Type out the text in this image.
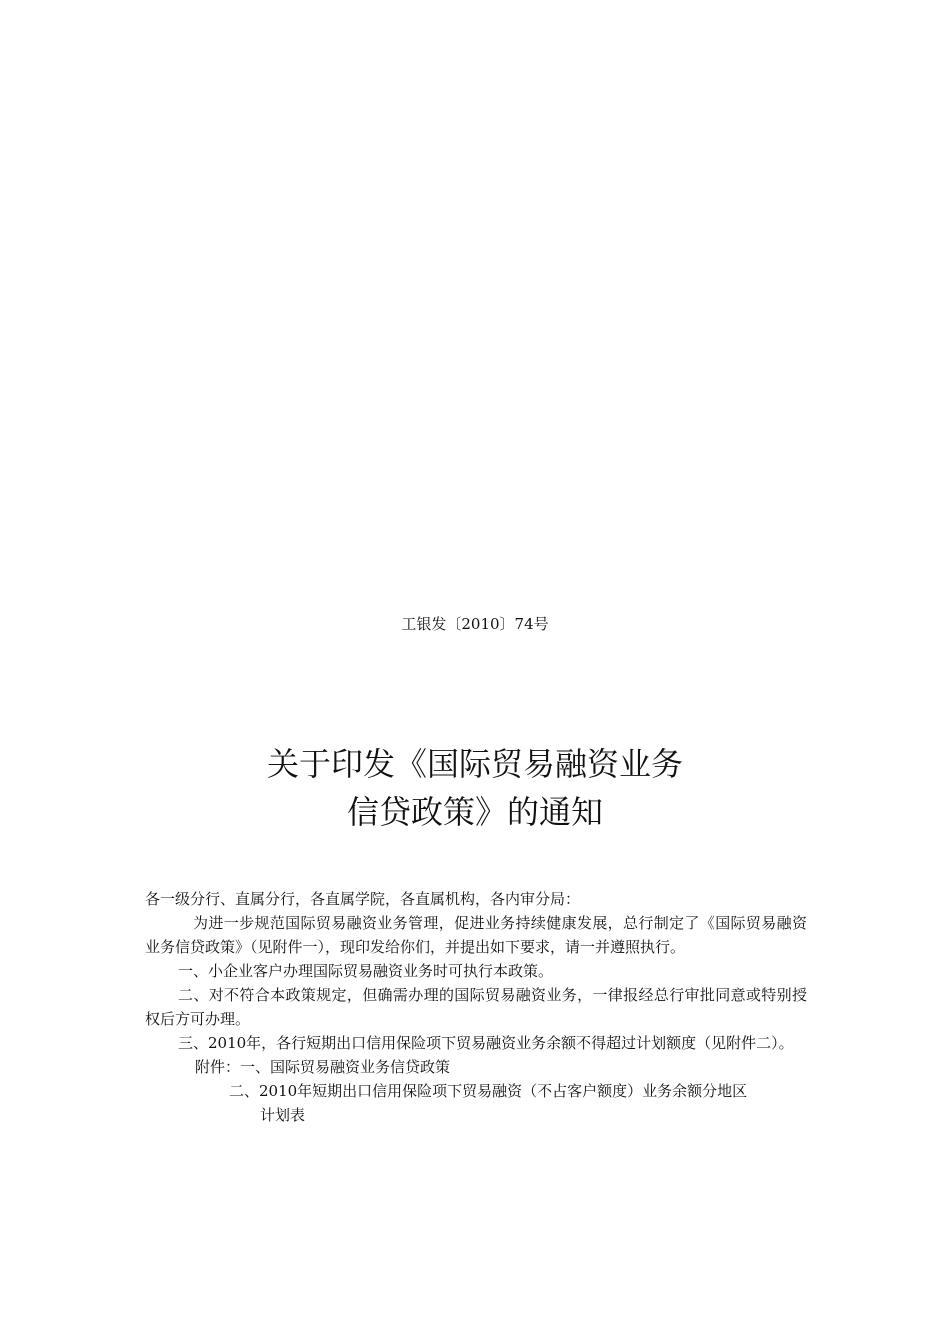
工银发〔2010〕74号
关于印发《国际贸易融资业务
信贷政策》的通知

各一级分行、直属分行，各直属学院，各直属机构，各内审分局：

为进一步规范国际贸易融资业务管理，促进业务持续健康发展，总行制定了《国际贸易融资业务信贷政策》（见附件一），现印发给你们，并提出如下要求，请一并遵照执行。

一、小企业客户办理国际贸易融资业务时可执行本政策。

二、对不符合本政策规定，但确需办理的国际贸易融资业务，一律报经总行审批同意或特别授权后方可办理。

三、2010年，各行短期出口信用保险项下贸易融资业务余额不得超过计划额度（见附件二）。

附件：一、国际贸易融资业务信贷政策

二、2010年短期出口信用保险项下贸易融资（不占客户额度）业务余额分地区

计划表
